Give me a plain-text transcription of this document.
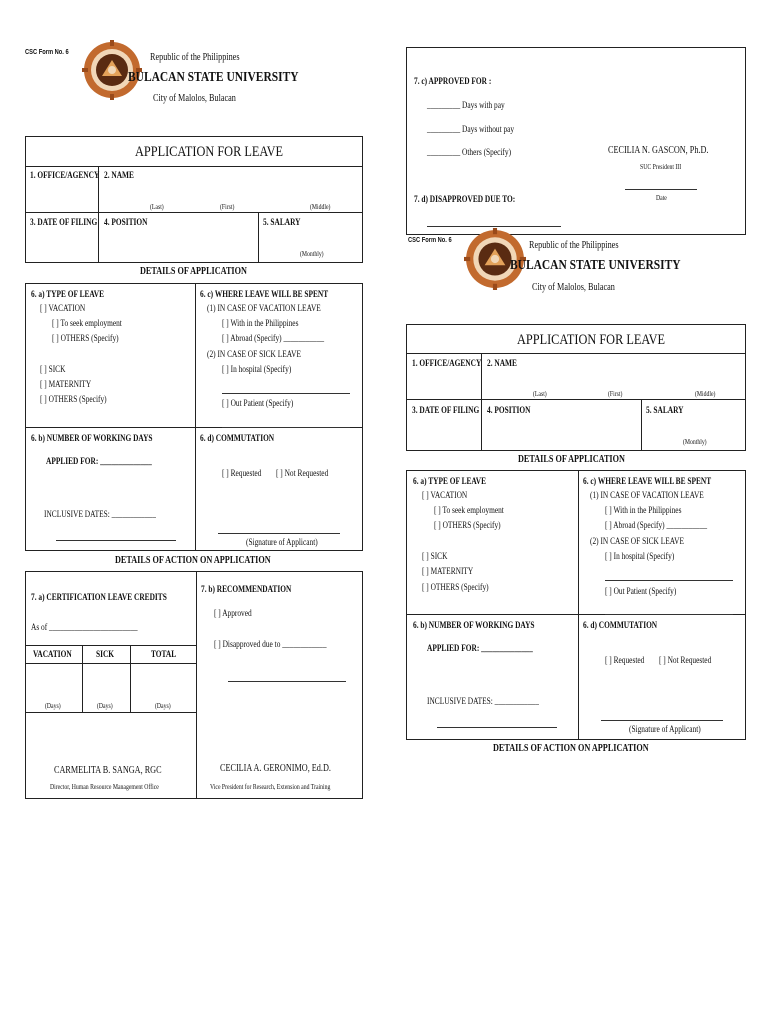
CSC Form No. 6	Republic of the Philippines
BULACAN STATE UNIVERSITY
City of Malolos, Bulacan
APPLICATION FOR LEAVE
1. OFFICE/AGENCY 2. NAME
(Last)	(First)	(Middle)
3. DATE OF FILING 4. POSITION	5. SALARY
(Monthly)
DETAILS OF APPLICATION
6. a) TYPE OF LEAVE
[ ] VACATION
[ ] To seek employment
[ ] OTHERS (Specify)
[ ] SICK
[ ] MATERNITY
[ ] OTHERS (Specify)
6. c) WHERE LEAVE WILL BE SPENT
(1) IN CASE OF VACATION LEAVE
[ ] With in the Philippines
[ ] Abroad (Specify) ___________
(2) IN CASE OF SICK LEAVE
[ ] In hospital (Specify)
[ ] Out Patient (Specify)
6. b) NUMBER OF WORKING DAYS
APPLIED FOR: ______________
INCLUSIVE DATES: ____________
6. d) COMMUTATION
[ ] Requested [ ] Not Requested
(Signature of Applicant)
DETAILS OF ACTION ON APPLICATION
7. a) CERTIFICATION LEAVE CREDITS
As of ________________________
VACATION	SICK	TOTAL
(Days)	(Days)	(Days)
7. b) RECOMMENDATION
[ ] Approved
[ ] Disapproved due to ____________
CARMELITA B. SANGA, RGC
Director, Human Resource Management Office
CECILIA A. GERONIMO, Ed.D.
Vice President for Research, Extension and Training
7. c) APPROVED FOR :
_________ Days with pay
_________ Days without pay
_________ Others (Specify)	CECILIA N. GASCON, Ph.D.
SUC President III
Date
7. d) DISAPPROVED DUE TO:
CSC Form No. 6	Republic of the Philippines
BULACAN STATE UNIVERSITY
City of Malolos, Bulacan
APPLICATION FOR LEAVE
1. OFFICE/AGENCY 2. NAME
(Last)	(First)	(Middle)
3. DATE OF FILING 4. POSITION	5. SALARY
(Monthly)
DETAILS OF APPLICATION
6. a) TYPE OF LEAVE
[ ] VACATION
[ ] To seek employment
[ ] OTHERS (Specify)
[ ] SICK
[ ] MATERNITY
[ ] OTHERS (Specify)
6. c) WHERE LEAVE WILL BE SPENT
(1) IN CASE OF VACATION LEAVE
[ ] With in the Philippines
[ ] Abroad (Specify) ___________
(2) IN CASE OF SICK LEAVE
[ ] In hospital (Specify)
[ ] Out Patient (Specify)
6. b) NUMBER OF WORKING DAYS
APPLIED FOR: ______________
INCLUSIVE DATES: ____________
6. d) COMMUTATION
[ ] Requested [ ] Not Requested
(Signature of Applicant)
DETAILS OF ACTION ON APPLICATION
